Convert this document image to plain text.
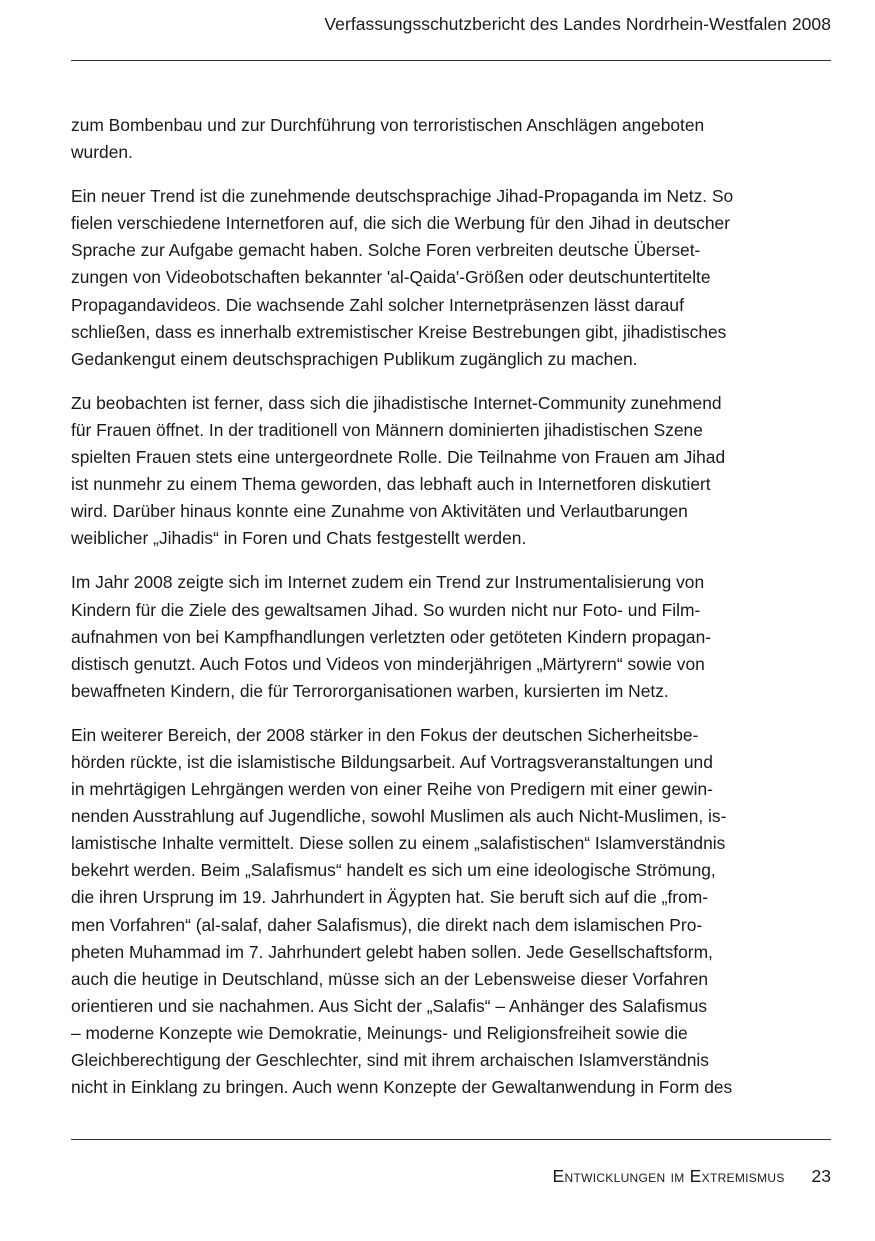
Verfassungsschutzbericht des Landes Nordrhein-Westfalen 2008

zum Bombenbau und zur Durchführung von terroristischen Anschlägen angeboten
wurden.

Ein neuer Trend ist die zunehmende deutschsprachige Jihad-Propaganda im Netz. So
fielen verschiedene Internetforen auf, die sich die Werbung für den Jihad in deutscher
Sprache zur Aufgabe gemacht haben. Solche Foren verbreiten deutsche Überset-
zungen von Videobotschaften bekannter 'al-Qaida'-Größen oder deutschuntertitelte
Propagandavideos. Die wachsende Zahl solcher Internetpräsenzen lässt darauf
schließen, dass es innerhalb extremistischer Kreise Bestrebungen gibt, jihadistisches
Gedankengut einem deutschsprachigen Publikum zugänglich zu machen.

Zu beobachten ist ferner, dass sich die jihadistische Internet-Community zunehmend
für Frauen öffnet. In der traditionell von Männern dominierten jihadistischen Szene
spielten Frauen stets eine untergeordnete Rolle. Die Teilnahme von Frauen am Jihad
ist nunmehr zu einem Thema geworden, das lebhaft auch in Internetforen diskutiert
wird. Darüber hinaus konnte eine Zunahme von Aktivitäten und Verlautbarungen
weiblicher „Jihadis“ in Foren und Chats festgestellt werden.

Im Jahr 2008 zeigte sich im Internet zudem ein Trend zur Instrumentalisierung von
Kindern für die Ziele des gewaltsamen Jihad. So wurden nicht nur Foto- und Film-
aufnahmen von bei Kampfhandlungen verletzten oder getöteten Kindern propagan-
distisch genutzt. Auch Fotos und Videos von minderjährigen „Märtyrern“ sowie von
bewaffneten Kindern, die für Terrororganisationen warben, kursierten im Netz.

Ein weiterer Bereich, der 2008 stärker in den Fokus der deutschen Sicherheitsbe-
hörden rückte, ist die islamistische Bildungsarbeit. Auf Vortragsveranstaltungen und
in mehrtägigen Lehrgängen werden von einer Reihe von Predigern mit einer gewin-
nenden Ausstrahlung auf Jugendliche, sowohl Muslimen als auch Nicht-Muslimen, is-
lamistische Inhalte vermittelt. Diese sollen zu einem „salafistischen“ Islamverständnis
bekehrt werden. Beim „Salafismus“ handelt es sich um eine ideologische Strömung,
die ihren Ursprung im 19. Jahrhundert in Ägypten hat. Sie beruft sich auf die „from-
men Vorfahren“ (al-salaf, daher Salafismus), die direkt nach dem islamischen Pro-
pheten Muhammad im 7. Jahrhundert gelebt haben sollen. Jede Gesellschaftsform,
auch die heutige in Deutschland, müsse sich an der Lebensweise dieser Vorfahren
orientieren und sie nachahmen. Aus Sicht der „Salafis“ – Anhänger des Salafismus
– moderne Konzepte wie Demokratie, Meinungs- und Religionsfreiheit sowie die
Gleichberechtigung der Geschlechter, sind mit ihrem archaischen Islamverständnis
nicht in Einklang zu bringen. Auch wenn Konzepte der Gewaltanwendung in Form des

Entwicklungen im Extremismus 23
